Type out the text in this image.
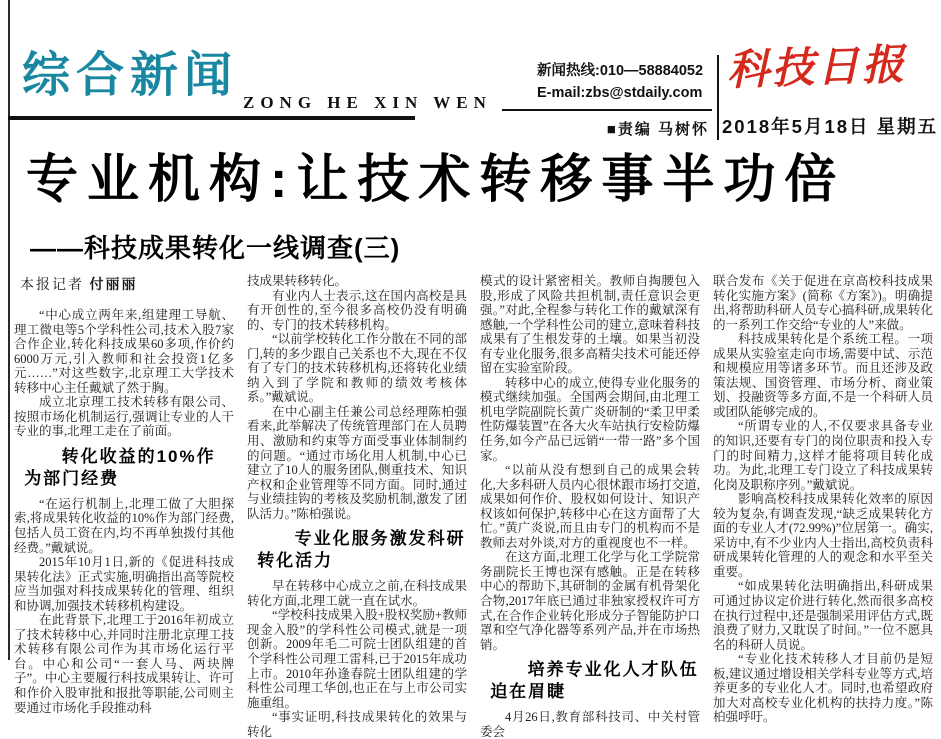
综合新闻
ZONG HE XIN WEN
新闻热线:010—58884052
E-mail:zbs@stdaily.com
■责编 马树怀
科技日报
2018年5月18日 星期五
专业机构:让技术转移事半功倍
——科技成果转化一线调查(三)
本报记者 付丽丽

“中心成立两年来,组建理工导航、理工微电等5个学科性公司,技术入股7家合作企业,转化科技成果60多项,作价约6000万元,引入教师和社会投资1亿多元……”对这些数字,北京理工大学技术转移中心主任戴斌了然于胸。

成立北京理工技术转移有限公司、按照市场化机制运行,强调让专业的人干专业的事,北理工走在了前面。

转化收益的10%作为部门经费

“在运行机制上,北理工做了大胆探索,将成果转化收益的10%作为部门经费,包括人员工资在内,均不再单独拨付其他经费。”戴斌说。

2015年10月1日,新的《促进科技成果转化法》正式实施,明确指出高等院校应当加强对科技成果转化的管理、组织和协调,加强技术转移机构建设。

在此背景下,北理工于2016年初成立了技术转移中心,并同时注册北京理工技术转移有限公司作为其市场化运行平台。中心和公司“一套人马、两块牌子”。中心主要履行科技成果转让、许可和作价入股审批和报批等职能,公司则主要通过市场化手段推动科

技成果转移转化。

有业内人士表示,这在国内高校是具有开创性的,至今很多高校仍没有明确的、专门的技术转移机构。

“以前学校转化工作分散在不同的部门,转的多少跟自己关系也不大,现在不仅有了专门的技术转移机构,还将转化业绩纳入到了学院和教师的绩效考核体系。”戴斌说。

在中心副主任兼公司总经理陈柏强看来,此举解决了传统管理部门在人员聘用、激励和约束等方面受事业体制制约的问题。“通过市场化用人机制,中心已建立了10人的服务团队,侧重技术、知识产权和企业管理等不同方面。同时,通过与业绩挂钩的考核及奖励机制,激发了团队活力。”陈柏强说。

专业化服务激发科研转化活力

早在转移中心成立之前,在科技成果转化方面,北理工就一直在试水。

“学校科技成果入股+股权奖励+教师现金入股”的学科性公司模式,就是一项创新。2009年毛二可院士团队组建的首个学科性公司理工雷科,已于2015年成功上市。2010年孙逢春院士团队组建的学科性公司理工华创,也正在与上市公司实施重组。

“事实证明,科技成果转化的效果与转化

模式的设计紧密相关。教师自掏腰包入股,形成了风险共担机制,责任意识会更强。”对此,全程参与转化工作的戴斌深有感触,一个学科性公司的建立,意味着科技成果有了生根发芽的土壤。如果当初没有专业化服务,很多高精尖技术可能还停留在实验室阶段。

转移中心的成立,使得专业化服务的模式继续加强。全国两会期间,由北理工机电学院副院长黄广炎研制的“柔卫甲柔性防爆装置”在各大火车站执行安检防爆任务,如今产品已远销“一带一路”多个国家。

“以前从没有想到自己的成果会转化,大多科研人员内心很怵跟市场打交道,成果如何作价、股权如何设计、知识产权该如何保护,转移中心在这方面帮了大忙。”黄广炎说,而且由专门的机构而不是教师去对外谈,对方的重视度也不一样。

在这方面,北理工化学与化工学院常务副院长王博也深有感触。正是在转移中心的帮助下,其研制的金属有机骨架化合物,2017年底已通过非独家授权许可方式,在合作企业转化形成分子智能防护口罩和空气净化器等系列产品,并在市场热销。

培养专业化人才队伍迫在眉睫

4月26日,教育部科技司、中关村管委会

联合发布《关于促进在京高校科技成果转化实施方案》(简称《方案》)。明确提出,将帮助科研人员专心搞科研,成果转化的一系列工作交给“专业的人”来做。

科技成果转化是个系统工程。一项成果从实验室走向市场,需要中试、示范和规模应用等诸多环节。而且还涉及政策法规、国资管理、市场分析、商业策划、投融资等多方面,不是一个科研人员或团队能够完成的。

“所谓专业的人,不仅要求具备专业的知识,还要有专门的岗位职责和投入专门的时间精力,这样才能将项目转化成功。为此,北理工专门设立了科技成果转化岗及职称序列。”戴斌说。

影响高校科技成果转化效率的原因较为复杂,有调查发现,“缺乏成果转化方面的专业人才(72.99%)”位居第一。确实,采访中,有不少业内人士指出,高校负责科研成果转化管理的人的观念和水平至关重要。

“如成果转化法明确指出,科研成果可通过协议定价进行转化,然而很多高校在执行过程中,还是强制采用评估方式,既浪费了财力,又耽误了时间。”一位不愿具名的科研人员说。

“专业化技术转移人才目前仍是短板,建议通过增设相关学科专业等方式,培养更多的专业化人才。同时,也希望政府加大对高校专业化机构的扶持力度。”陈柏强呼吁。
